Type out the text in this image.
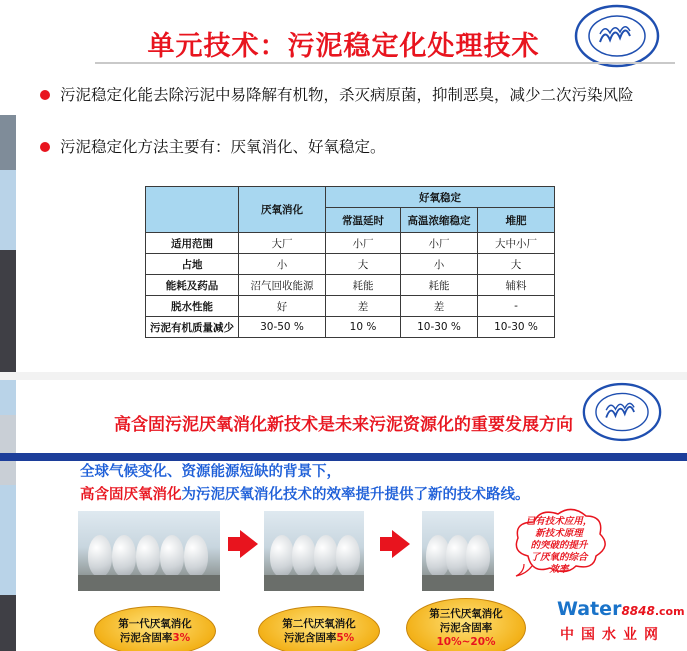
单元技术：污泥稳定化处理技术
污泥稳定化能去除污泥中易降解有机物，杀灭病原菌，抑制恶臭，减少二次污染风险
污泥稳定化方法主要有：厌氧消化、好氧稳定。
	厌氧消化	好氧稳定		
		常温延时	高温浓缩稳定	堆肥
适用范围	大厂	小厂	小厂	大中小厂
占地	小	大	小	大
能耗及药品	沼气回收能源	耗能	耗能	辅料
脱水性能	好	差	差	-
污泥有机质量减少	30-50 %	10 %	10-30 %	10-30 %
高含固污泥厌氧消化新技术是未来污泥资源化的重要发展方向
全球气候变化、资源能源短缺的背景下，
高含固厌氧消化为污泥厌氧消化技术的效率提升提供了新的技术路线。
已有技术应用，
新技术原理
的突破的提升
了厌氧的综合
效率
第一代厌氧消化
污泥含固率3%
第二代厌氧消化
污泥含固率5%
第三代厌氧消化
污泥含固率
10%~20%
Water8848.com
中国水业网
